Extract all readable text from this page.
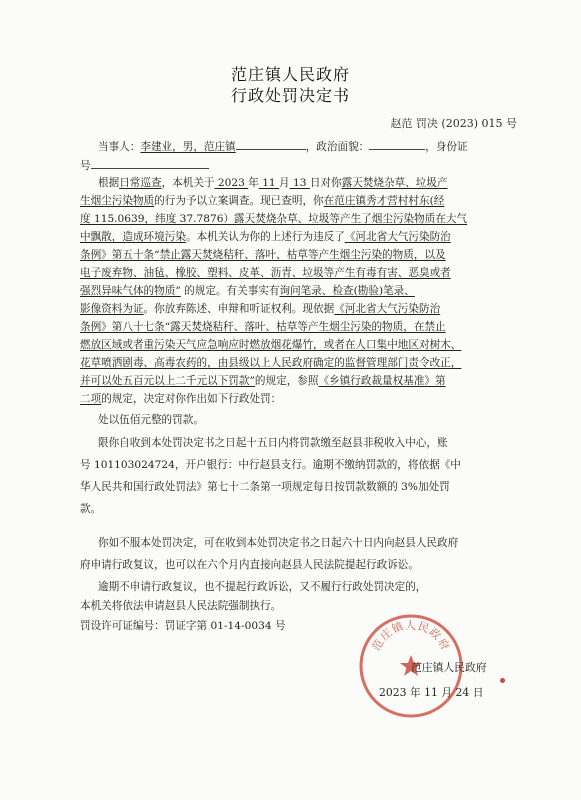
范庄镇人民政府
行政处罚决定书
赵范 罚决 (2023) 015 号
当事人：李建业，男，范庄镇	，政治面貌：	，身份证
号
根据日常巡查，本机关于 2023 年 11 月 13 日对你露天焚烧杂草、垃圾产
生烟尘污染物质的行为予以立案调查。现已查明，你在范庄镇秀才营村村东(经
度 115.0639，纬度 37.7876）露天焚烧杂草、垃圾等产生了烟尘污染物质在大气
中飘散，造成环境污染。本机关认为你的上述行为违反了《河北省大气污染防治
条例》第五十条“禁止露天焚烧秸秆、落叶、枯草等产生烟尘污染的物质，以及
电子废弃物、油毡、橡胶、塑料、皮革、沥青、垃圾等产生有毒有害、恶臭或者
强烈异味气体的物质” 的规定。有关事实有询问笔录、检查(勘验)笔录、
影像资料为证。你放弃陈述、申辩和听证权利。现依据《河北省大气污染防治
条例》第八十七条“露天焚烧秸秆、落叶、枯草等产生烟尘污染的物质，在禁止
燃放区域或者重污染天气应急响应时燃放烟花爆竹，或者在人口集中地区对树木、
花草喷洒剧毒、高毒农药的，由县级以上人民政府确定的监督管理部门责令改正，
并可以处五百元以上二千元以下罚款”的规定，参照《乡镇行政裁量权基准》第
二项的规定，决定对你作出如下行政处罚：
处以伍佰元整的罚款。
限你自收到本处罚决定书之日起十五日内将罚款缴至赵县非税收入中心，账
号 101103024724，开户银行：中行赵县支行。逾期不缴纳罚款的，将依据《中
华人民共和国行政处罚法》第七十二条第一项规定每日按罚款数额的 3%加处罚
款。
你如不服本处罚决定，可在收到本处罚决定书之日起六十日内向赵县人民政府
府申请行政复议，也可以在六个月内直接向赵县人民法院提起行政诉讼。
逾期不申请行政复议，也不提起行政诉讼，又不履行行政处罚决定的，
本机关将依法申请赵县人民法院强制执行。
罚设许可证编号：罚证字第 01-14-0034 号
范庄镇人民政府
范庄镇人民政府
2023 年 11 月 24 日
